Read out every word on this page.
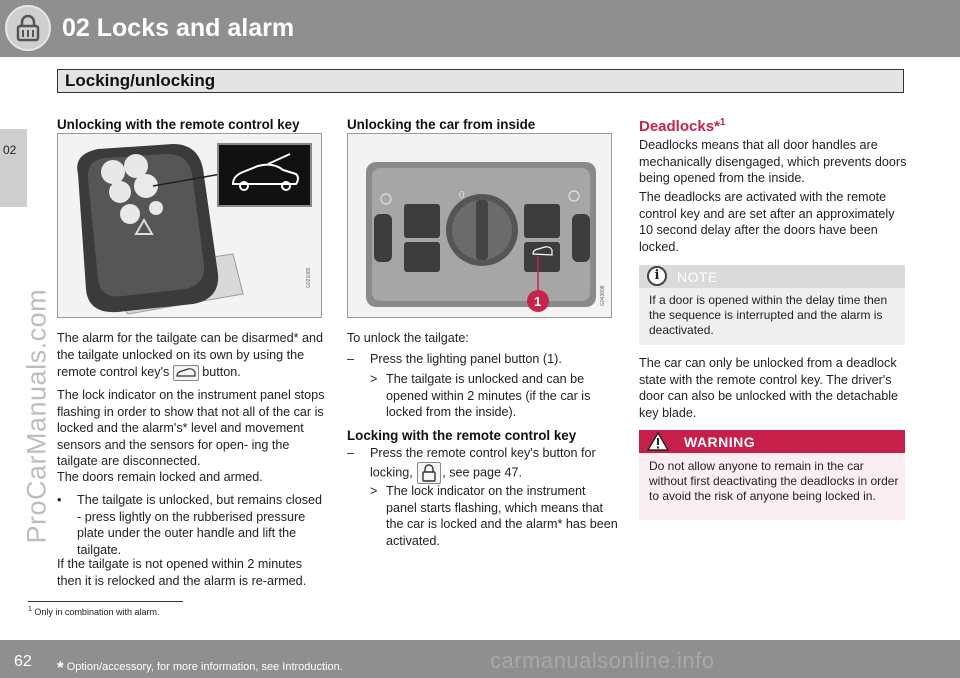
02 Locks and alarm
Locking/unlocking
02
ProCarManuals.com
Unlocking with the remote control key
G021085
The alarm for the tailgate can be disarmed* and
the tailgate unlocked on its own by using the
remote control key's	button.
The lock indicator on the instrument panel stops flashing in order to show that not all of the car is locked and the alarm's* level and movement sensors and the sensors for open- ing the tailgate are disconnected.
The doors remain locked and armed.
•	The tailgate is unlocked, but remains closed - press lightly on the rubberised pressure plate under the outer handle and lift the tailgate.
If the tailgate is not opened within 2 minutes then it is relocked and the alarm is re-armed.
Unlocking the car from inside
0
1	G043608
To unlock the tailgate:
– Press the lighting panel button (1).
> The tailgate is unlocked and can be opened within 2 minutes (if the car is locked from the inside).
Locking with the remote control key
– Press the remote control key's button for locking, , see page 47.
> The lock indicator on the instrument panel starts flashing, which means that the car is locked and the alarm* has been activated.
Deadlocks*$^1$
Deadlocks means that all door handles are mechanically disengaged, which prevents doors being opened from the inside.
The deadlocks are activated with the remote control key and are set after an approximately 10 second delay after the doors have been locked.
i	NOTE
If a door is opened within the delay time then the sequence is interrupted and the alarm is deactivated.
The car can only be unlocked from a deadlock state with the remote control key. The driver's door can also be unlocked with the detachable key blade.
WARNING
Do not allow anyone to remain in the car without first deactivating the deadlocks in order to avoid the risk of anyone being locked in.
$^1$ Only in combination with alarm.
62 * Option/accessory, for more information, see Introduction.	carmanualsonline.info
